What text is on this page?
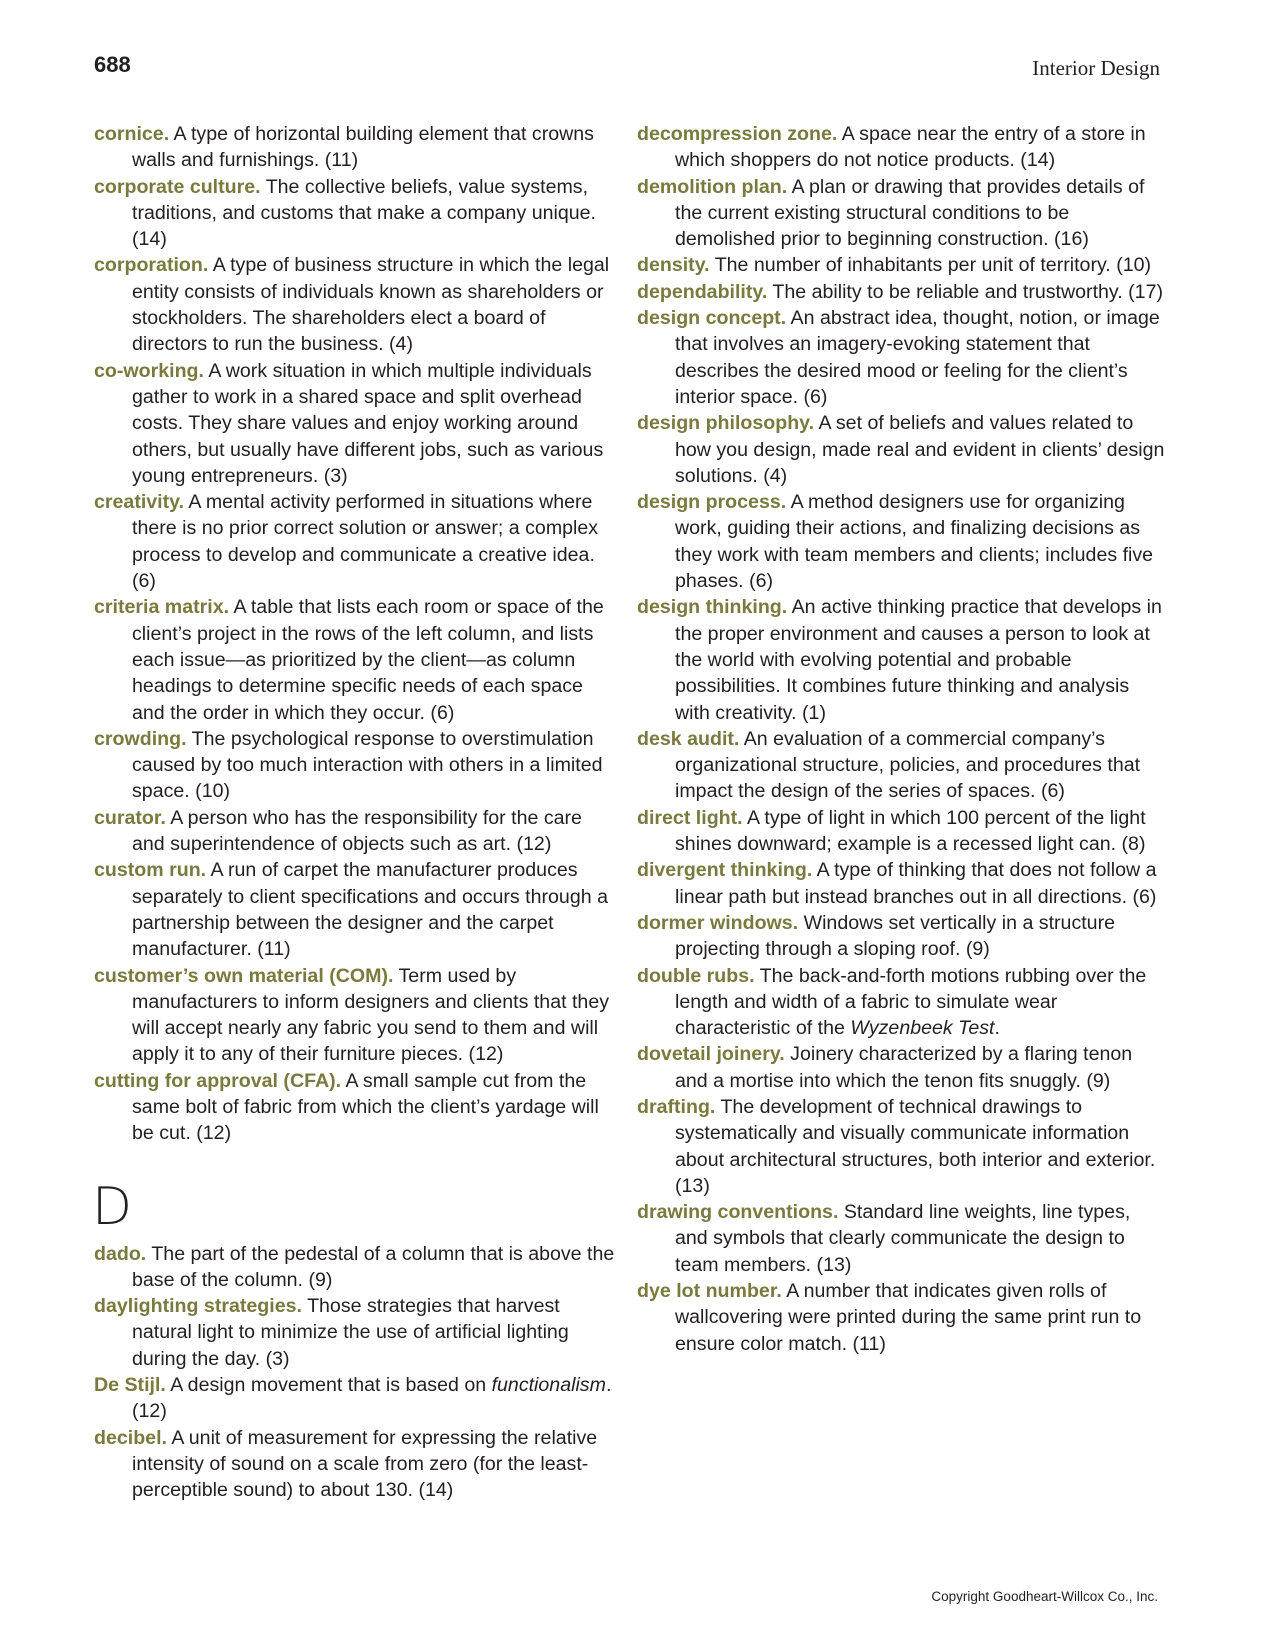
688	Interior Design

cornice. A type of horizontal building element that crowns walls and furnishings. (11)

corporate culture. The collective beliefs, value systems, traditions, and customs that make a company unique. (14)

corporation. A type of business structure in which the legal entity consists of individuals known as shareholders or stockholders. The shareholders elect a board of directors to run the business. (4)

co-working. A work situation in which multiple individuals gather to work in a shared space and split overhead costs. They share values and enjoy working around others, but usually have different jobs, such as various young entrepreneurs. (3)

creativity. A mental activity performed in situations where there is no prior correct solution or answer; a complex process to develop and communicate a creative idea. (6)

criteria matrix. A table that lists each room or space of the client’s project in the rows of the left column, and lists each issue—as prioritized by the client—as column headings to determine specific needs of each space and the order in which they occur. (6)

crowding. The psychological response to overstimulation caused by too much interaction with others in a limited space. (10)

curator. A person who has the responsibility for the care and superintendence of objects such as art. (12)

custom run. A run of carpet the manufacturer produces separately to client specifications and occurs through a partnership between the designer and the carpet manufacturer. (11)

customer’s own material (COM). Term used by manufacturers to inform designers and clients that they will accept nearly any fabric you send to them and will apply it to any of their furniture pieces. (12)

cutting for approval (CFA). A small sample cut from the same bolt of fabric from which the client’s yardage will be cut. (12)

D

dado. The part of the pedestal of a column that is above the base of the column. (9)

daylighting strategies. Those strategies that harvest natural light to minimize the use of artificial lighting during the day. (3)

De Stijl. A design movement that is based on functionalism. (12)

decibel. A unit of measurement for expressing the relative intensity of sound on a scale from zero (for the least-perceptible sound) to about 130. (14)

decompression zone. A space near the entry of a store in which shoppers do not notice products. (14)

demolition plan. A plan or drawing that provides details of the current existing structural conditions to be demolished prior to beginning construction. (16)

density. The number of inhabitants per unit of territory. (10)

dependability. The ability to be reliable and trustworthy. (17)

design concept. An abstract idea, thought, notion, or image that involves an imagery-evoking statement that describes the desired mood or feeling for the client’s interior space. (6)

design philosophy. A set of beliefs and values related to how you design, made real and evident in clients’ design solutions. (4)

design process. A method designers use for organizing work, guiding their actions, and finalizing decisions as they work with team members and clients; includes five phases. (6)

design thinking. An active thinking practice that develops in the proper environment and causes a person to look at the world with evolving potential and probable possibilities. It combines future thinking and analysis with creativity. (1)

desk audit. An evaluation of a commercial company’s organizational structure, policies, and procedures that impact the design of the series of spaces. (6)

direct light. A type of light in which 100 percent of the light shines downward; example is a recessed light can. (8)

divergent thinking. A type of thinking that does not follow a linear path but instead branches out in all directions. (6)

dormer windows. Windows set vertically in a structure projecting through a sloping roof. (9)

double rubs. The back-and-forth motions rubbing over the length and width of a fabric to simulate wear characteristic of the Wyzenbeek Test.

dovetail joinery. Joinery characterized by a flaring tenon and a mortise into which the tenon fits snuggly. (9)

drafting. The development of technical drawings to systematically and visually communicate information about architectural structures, both interior and exterior. (13)

drawing conventions. Standard line weights, line types, and symbols that clearly communicate the design to team members. (13)

dye lot number. A number that indicates given rolls of wallcovering were printed during the same print run to ensure color match. (11)

Copyright Goodheart-Willcox Co., Inc.
